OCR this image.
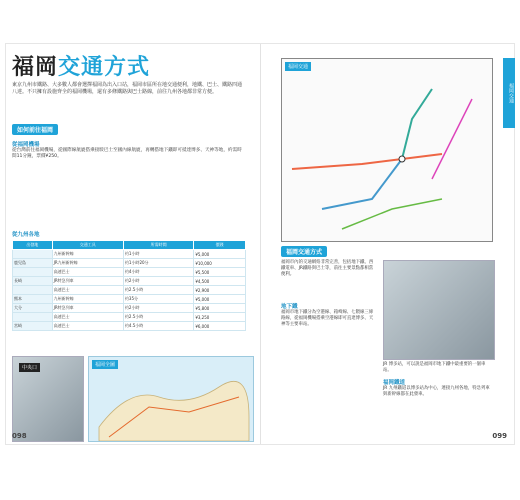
福岡交通方式
東京九州市鐵路、大多數人都會選擇福岡為出入口站，福岡市區所在地交通便利，地鐵、巴士、鐵路四通八達。不只擁有設施齊全的福岡機場，還有多條鐵路與巴士路線，前往九州各地都非常方便。
如何前往福岡
從福岡機場
從台灣前往福岡機場，從國際線航廈搭乘接駁巴士至國內線航廈，再轉搭地下鐵即可抵達博多、天神等地，約需時間11分鐘，票價¥250。
從九州各地
出發地	交通工具	所需時間	價錢
	九州新幹線	約1小時	¥5,000
鹿兒島	JR九州新幹線	約1小時20分	¥10,000
	高速巴士	約4小時	¥5,500
長崎	JR特急列車	約2小時	¥4,500
	高速巴士	約2.5小時	¥2,900
熊本	九州新幹線	約35分	¥5,000
大分	JR特急列車	約2小時	¥5,800
	高速巴士	約2.5小時	¥3,250
宮崎	高速巴士	約4.5小時	¥6,000
中央口	福岡全圖
098
福岡交通
福岡交通
福岡交通方式
福岡市內的交通網絡非常完善，包括地下鐵、西鐵電車、JR鐵路與巴士等，前往主要景點都相當便利。
地下鐵
福岡市地下鐵分為空港線、箱崎線、七隈線三條路線，從福岡機場搭乘空港線即可直達博多、天神等主要車站。
JR 博多站，可以說是福岡市地下鐵中最重要的一個車站。
福岡鐵道
JR 九州鐵道以博多站為中心，連接九州各地，特急列車與新幹線都在此發車。
099
